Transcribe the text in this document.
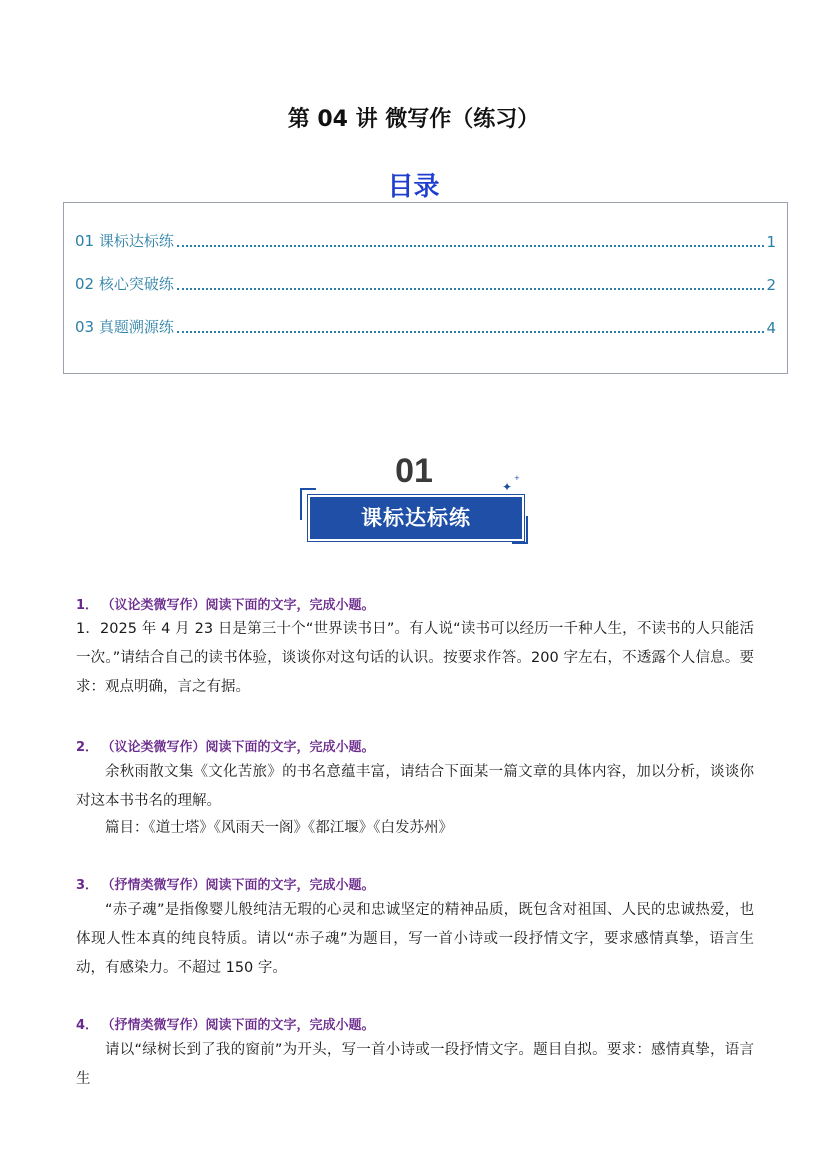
第 04 讲 微写作（练习）
目录
01 课标达标练	1
02 核心突破练	2
03 真题溯源练	4
01
课标达标练
✦
+
1． （议论类微写作）阅读下面的文字，完成小题。
1．2025 年 4 月 23 日是第三十个“世界读书日”。有人说“读书可以经历一千种人生，不读书的人只能活一次。”请结合自己的读书体验，谈谈你对这句话的认识。按要求作答。200 字左右，不透露个人信息。要求：观点明确，言之有据。
2． （议论类微写作）阅读下面的文字，完成小题。
余秋雨散文集《文化苦旅》的书名意蕴丰富，请结合下面某一篇文章的具体内容，加以分析，谈谈你对这本书书名的理解。
篇目：《道士塔》《风雨天一阁》《都江堰》《白发苏州》
3． （抒情类微写作）阅读下面的文字，完成小题。
“赤子魂”是指像婴儿般纯洁无瑕的心灵和忠诚坚定的精神品质，既包含对祖国、人民的忠诚热爱，也体现人性本真的纯良特质。请以“赤子魂”为题目，写一首小诗或一段抒情文字，要求感情真挚，语言生动，有感染力。不超过 150 字。
4． （抒情类微写作）阅读下面的文字，完成小题。
请以“绿树长到了我的窗前”为开头，写一首小诗或一段抒情文字。题目自拟。要求：感情真挚，语言生
